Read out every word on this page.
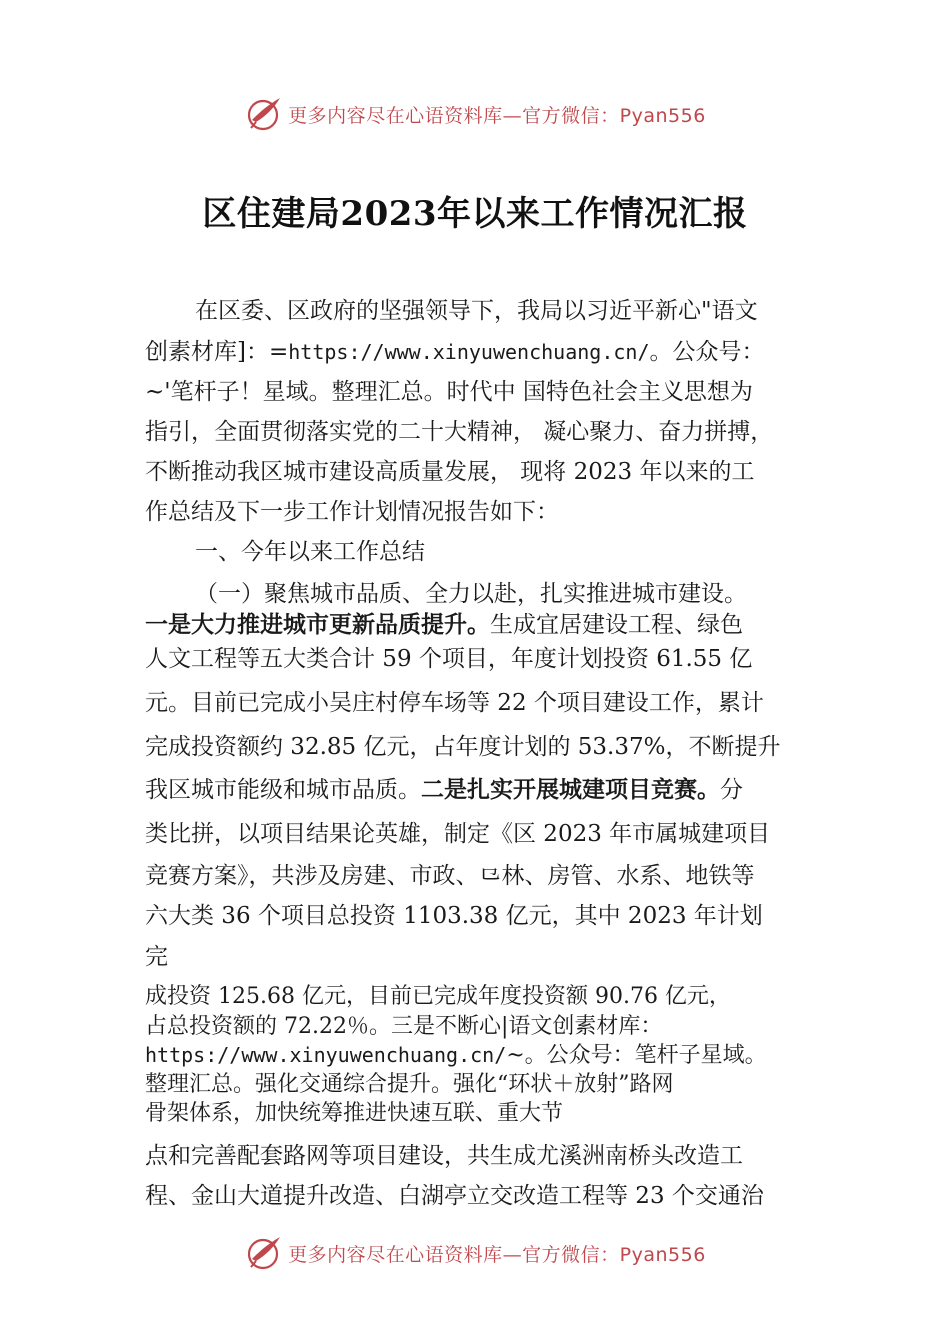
更多内容尽在心语资料库—官方微信：Pyan556
区住建局2023年以来工作情况汇报
在区委、区政府的坚强领导下，我局以习近平新心"语文
创素材库]：=https://www.xinyuwenchuang.cn/。公众号：
~'笔杆子！星域。整理汇总。时代中 国特色社会主义思想为
指引，全面贯彻落实党的二十大精神， 凝心聚力、奋力拼搏，
不断推动我区城市建设高质量发展， 现将 2023 年以来的工
作总结及下一步工作计划情况报告如下：
一、今年以来工作总结
（一）聚焦城市品质、全力以赴，扎实推进城市建设。
一是大力推进城市更新品质提升。生成宜居建设工程、绿色
人文工程等五大类合计 59 个项目，年度计划投资 61.55 亿
元。目前已完成小吴庄村停车场等 22 个项目建设工作，累计
完成投资额约 32.85 亿元，占年度计划的 53.37%，不断提升
我区城市能级和城市品质。二是扎实开展城建项目竞赛。分
类比拼，以项目结果论英雄，制定《区 2023 年市属城建项目
竞赛方案》，共涉及房建、市政、⺋林、房管、水系、地铁等
六大类 36 个项目总投资 1103.38 亿元，其中 2023 年计划
完
成投资 125.68 亿元，目前已完成年度投资额 90.76 亿元，
占总投资额的 72.22％。三是不断心|语文创素材库：
https://www.xinyuwenchuang.cn/~。公众号：笔杆子星域。
整理汇总。强化交通综合提升。强化“环状＋放射”路网
骨架体系，加快统筹推进快速互联、重大节
点和完善配套路网等项目建设，共生成尤溪洲南桥头改造工
程、金山大道提升改造、白湖亭立交改造工程等 23 个交通治
更多内容尽在心语资料库—官方微信：Pyan556
